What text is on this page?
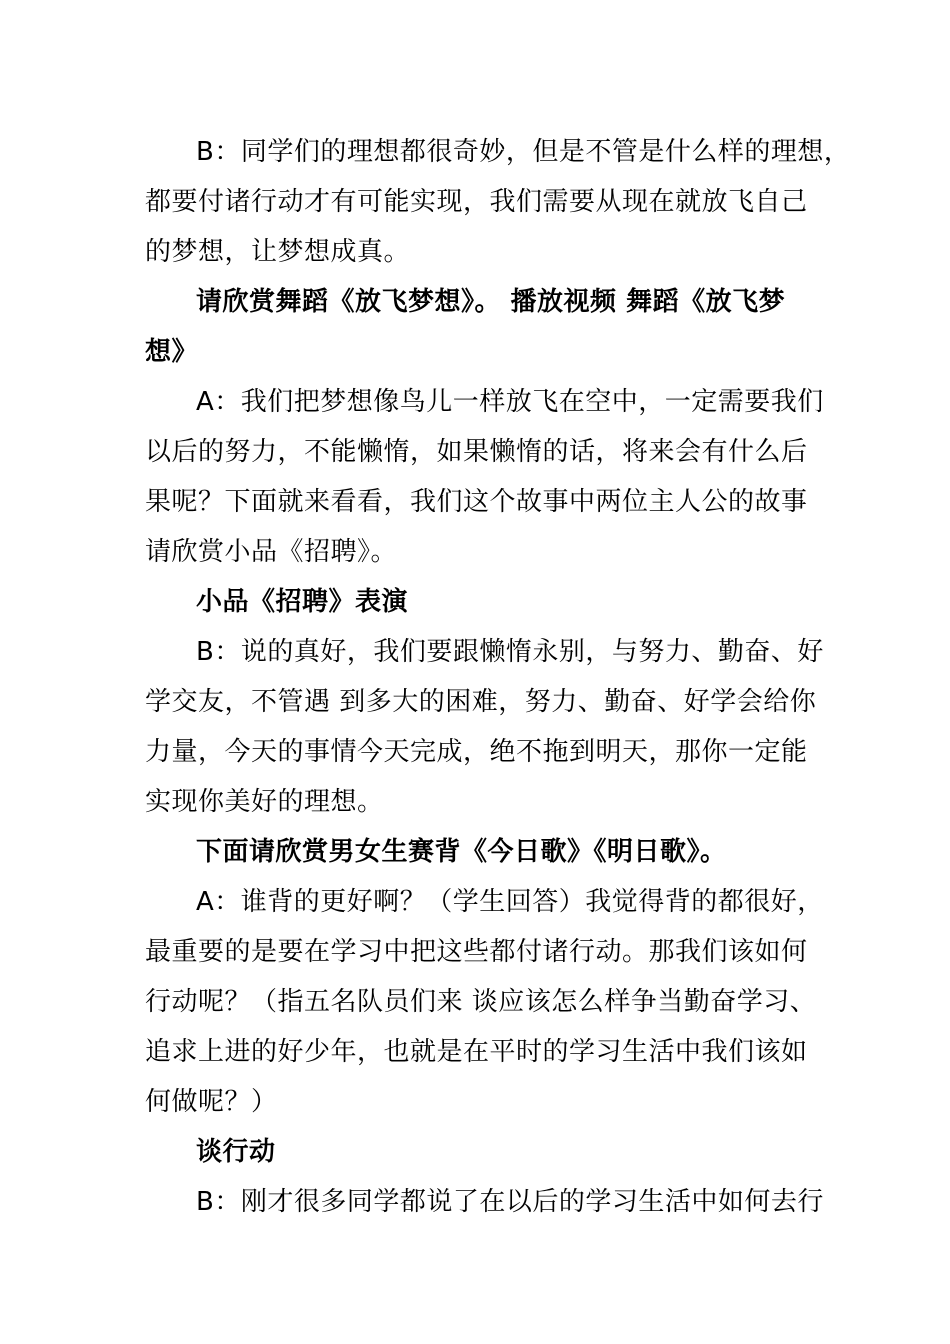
B：同学们的理想都很奇妙，但是不管是什么样的理想，
都要付诸行动才有可能实现，我们需要从现在就放飞自己
的梦想，让梦想成真。
请欣赏舞蹈《放飞梦想》。 播放视频 舞蹈《放飞梦
想》
A：我们把梦想像鸟儿一样放飞在空中，一定需要我们
以后的努力，不能懒惰，如果懒惰的话，将来会有什么后
果呢？下面就来看看，我们这个故事中两位主人公的故事
请欣赏小品《招聘》。
小品《招聘》表演
B：说的真好，我们要跟懒惰永别，与努力、勤奋、好
学交友，不管遇 到多大的困难，努力、勤奋、好学会给你
力量，今天的事情今天完成，绝不拖到明天，那你一定能
实现你美好的理想。
下面请欣赏男女生赛背《今日歌》《明日歌》。
A：谁背的更好啊？（学生回答）我觉得背的都很好，
最重要的是要在学习中把这些都付诸行动。那我们该如何
行动呢？（指五名队员们来 谈应该怎么样争当勤奋学习、
追求上进的好少年，也就是在平时的学习生活中我们该如
何做呢？）
谈行动
B：刚才很多同学都说了在以后的学习生活中如何去行
